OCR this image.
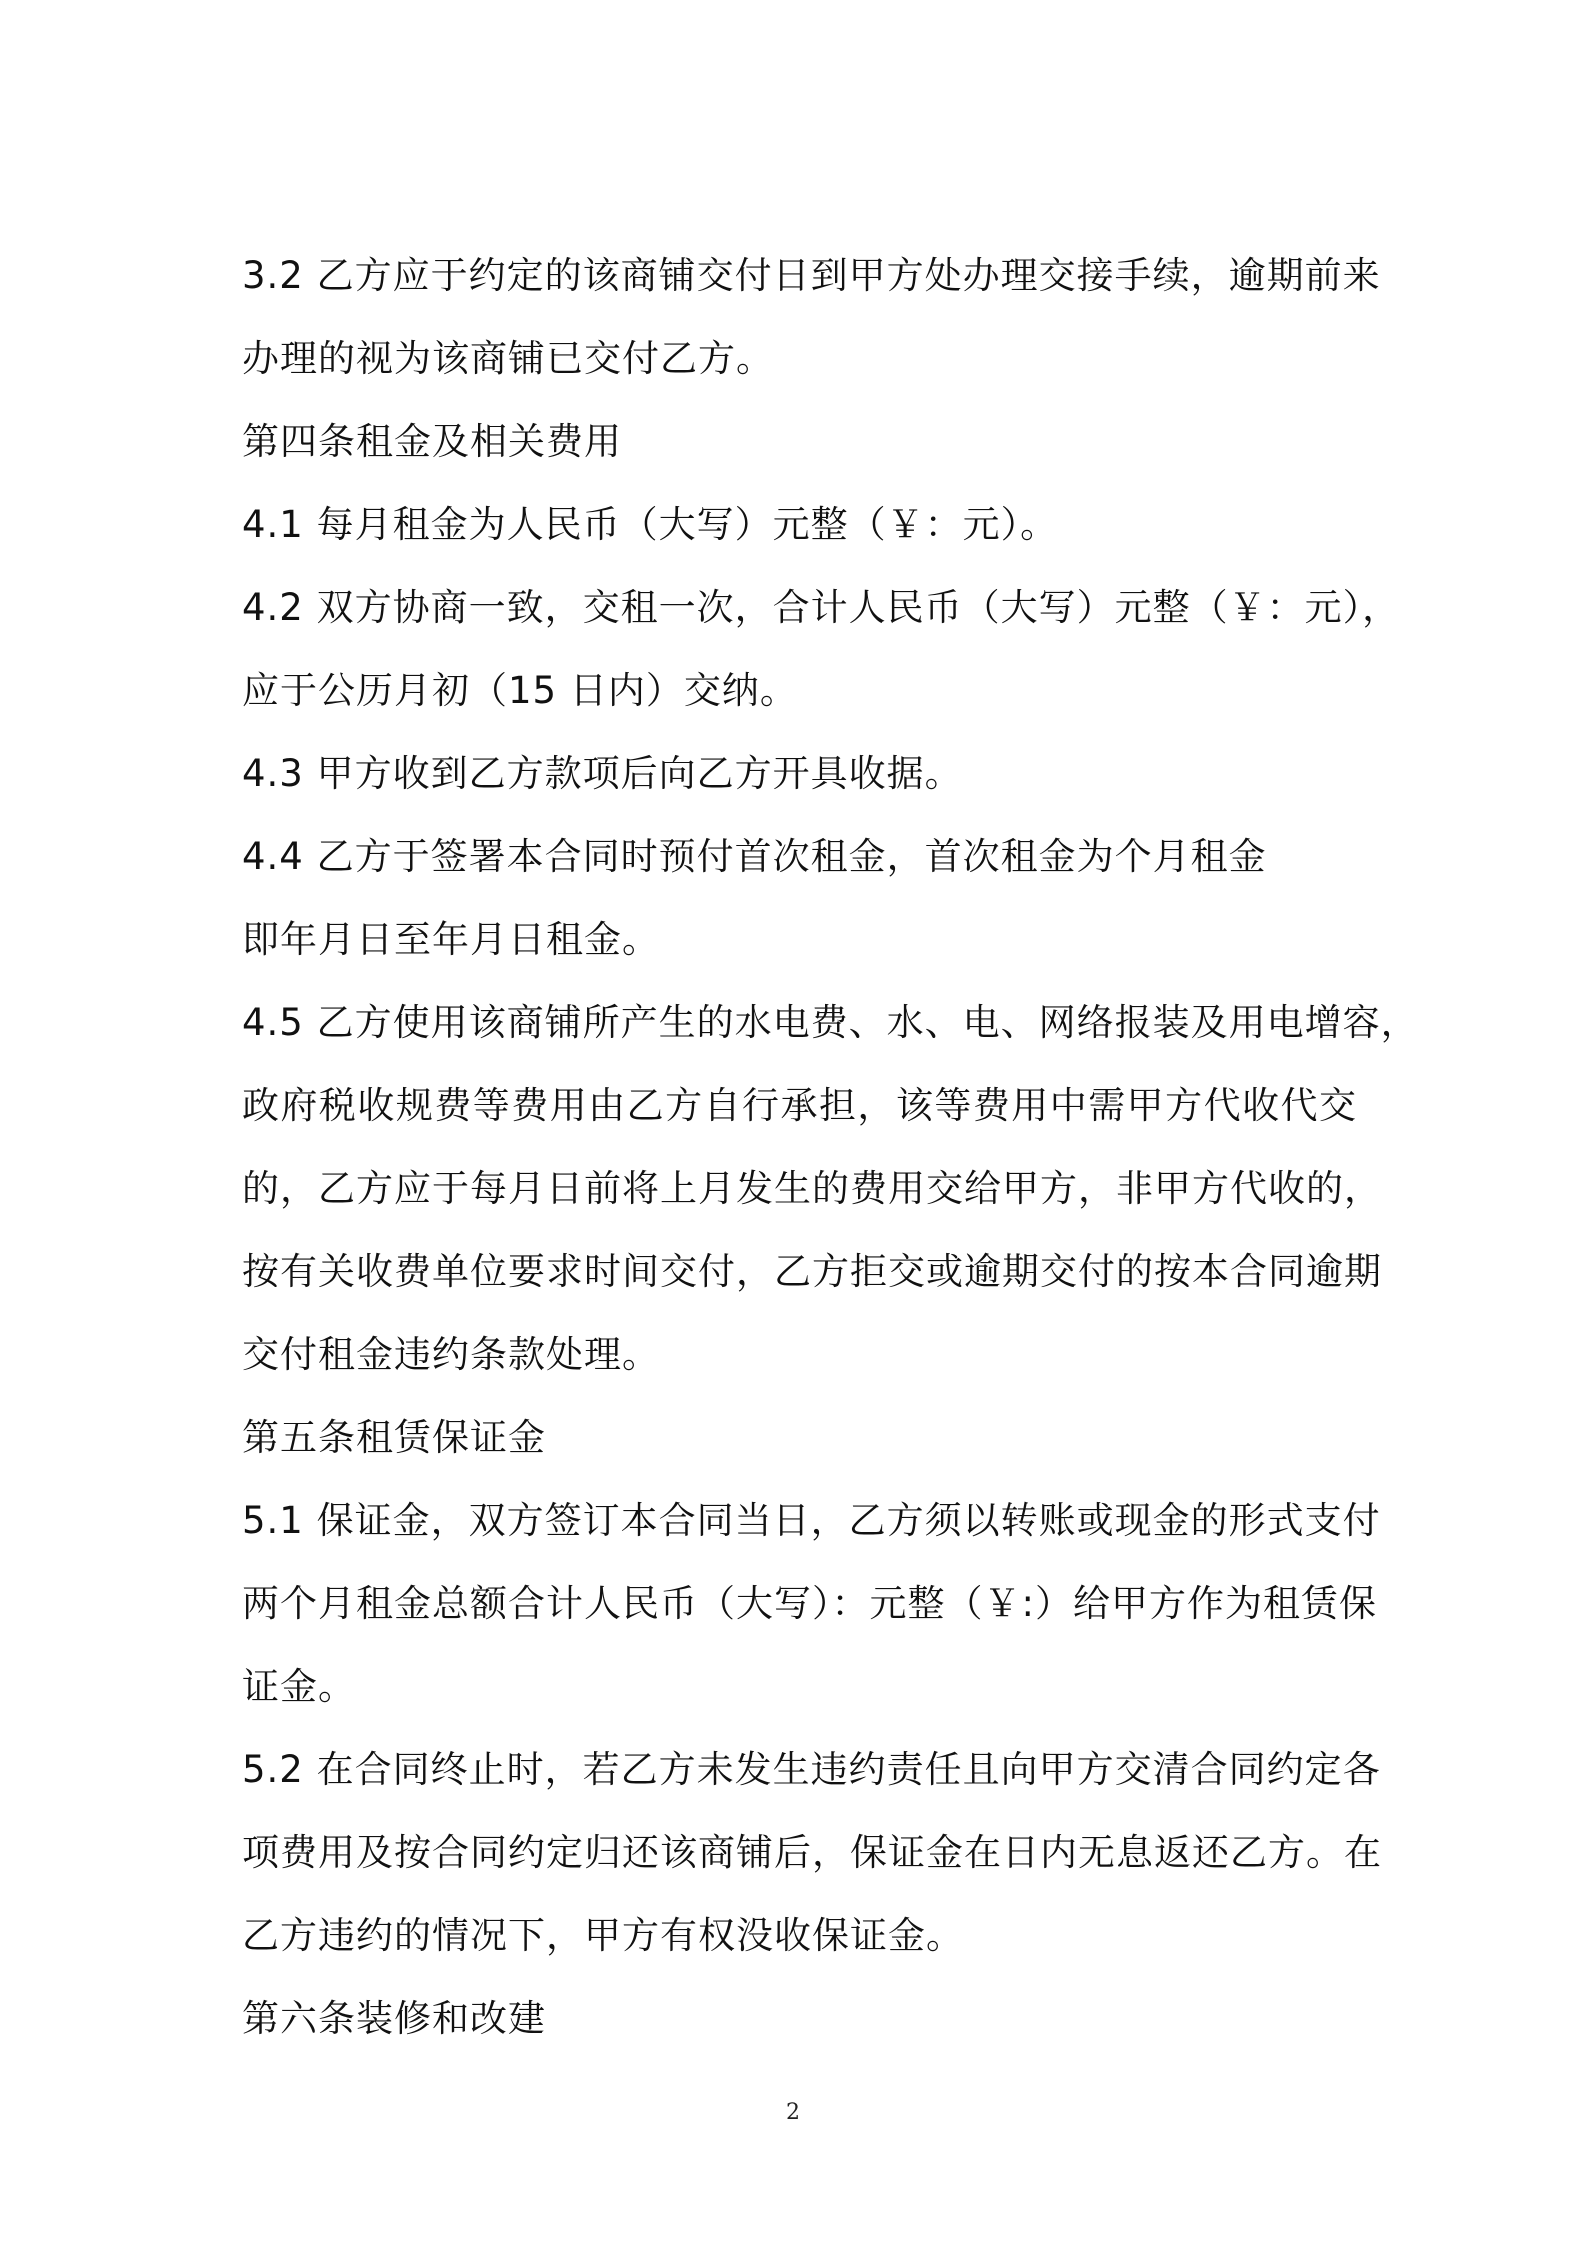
3.2 乙方应于约定的该商铺交付日到甲方处办理交接手续，逾期前来
办理的视为该商铺已交付乙方。
第四条租金及相关费用
4.1 每月租金为人民币（大写）元整（￥：元）。
4.2 双方协商一致，交租一次，合计人民币（大写）元整（￥：元），
应于公历月初（15 日内）交纳。
4.3 甲方收到乙方款项后向乙方开具收据。
4.4 乙方于签署本合同时预付首次租金，首次租金为个月租金
即年月日至年月日租金。
4.5 乙方使用该商铺所产生的水电费、水、电、网络报装及用电增容，
政府税收规费等费用由乙方自行承担，该等费用中需甲方代收代交
的，乙方应于每月日前将上月发生的费用交给甲方，非甲方代收的，
按有关收费单位要求时间交付，乙方拒交或逾期交付的按本合同逾期
交付租金违约条款处理。
第五条租赁保证金
5.1 保证金，双方签订本合同当日，乙方须以转账或现金的形式支付
两个月租金总额合计人民币（大写）：元整（￥:）给甲方作为租赁保
证金。
5.2 在合同终止时，若乙方未发生违约责任且向甲方交清合同约定各
项费用及按合同约定归还该商铺后，保证金在日内无息返还乙方。在
乙方违约的情况下，甲方有权没收保证金。
第六条装修和改建
2
